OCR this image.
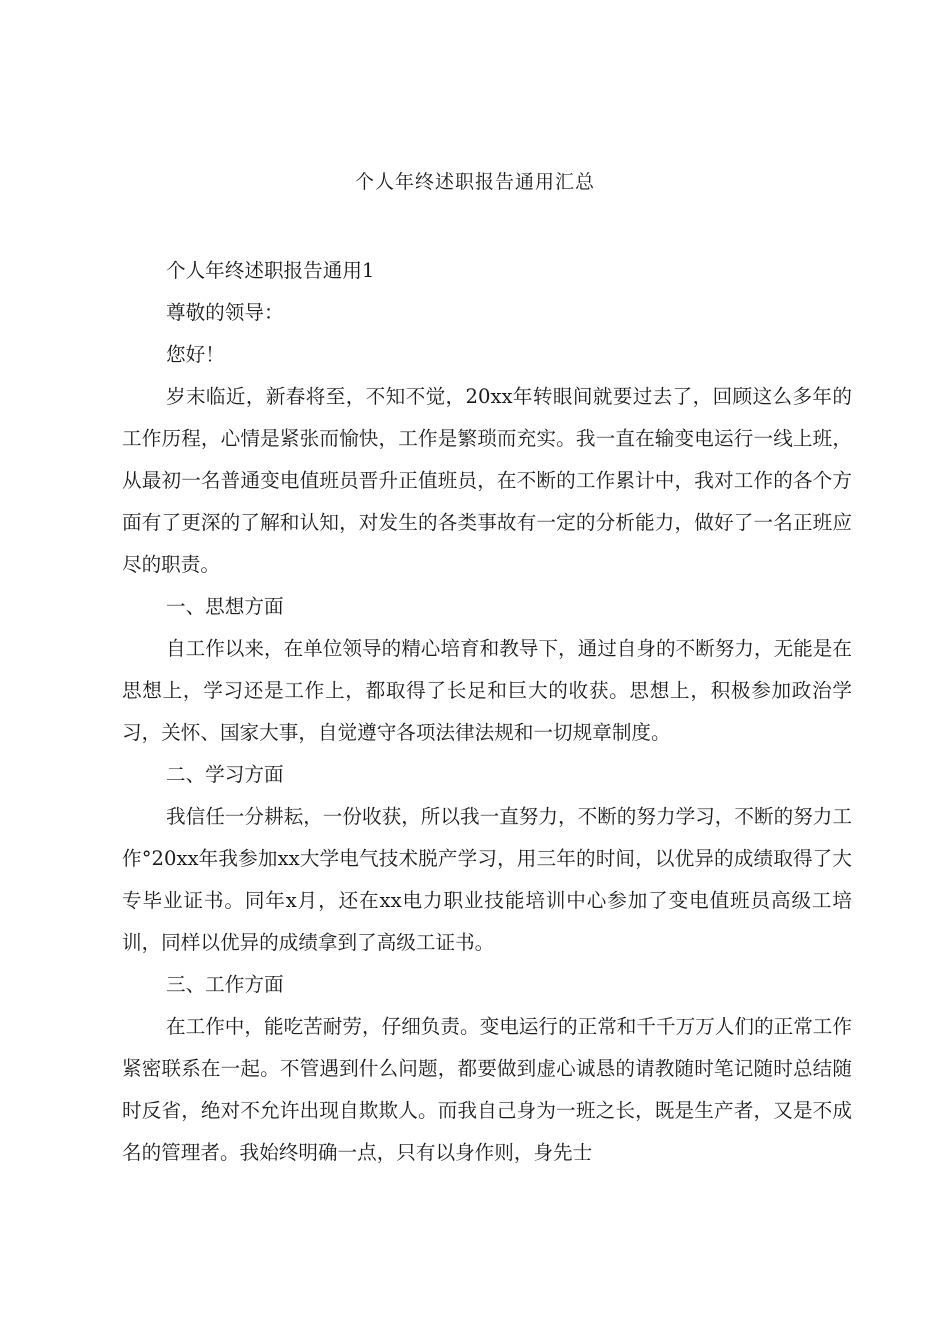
个人年终述职报告通用汇总

个人年终述职报告通用1

尊敬的领导：

您好！

岁末临近，新春将至，不知不觉，20xx年转眼间就要过去了，回顾这么多年的工作历程，心情是紧张而愉快，工作是繁琐而充实。我一直在输变电运行一线上班，从最初一名普通变电值班员晋升正值班员，在不断的工作累计中，我对工作的各个方面有了更深的了解和认知，对发生的各类事故有一定的分析能力，做好了一名正班应尽的职责。

一、思想方面

自工作以来，在单位领导的精心培育和教导下，通过自身的不断努力，无能是在思想上，学习还是工作上，都取得了长足和巨大的收获。思想上，积极参加政治学习，关怀、国家大事，自觉遵守各项法律法规和一切规章制度。

二、学习方面

我信任一分耕耘，一份收获，所以我一直努力，不断的努力学习，不断的努力工作°20xx年我参加xx大学电气技术脱产学习，用三年的时间，以优异的成绩取得了大专毕业证书。同年x月，还在xx电力职业技能培训中心参加了变电值班员高级工培训，同样以优异的成绩拿到了高级工证书。

三、工作方面

在工作中，能吃苦耐劳，仔细负责。变电运行的正常和千千万万人们的正常工作紧密联系在一起。不管遇到什么问题，都要做到虚心诚恳的请教随时笔记随时总结随时反省，绝对不允许出现自欺欺人。而我自己身为一班之长，既是生产者，又是不成名的管理者。我始终明确一点，只有以身作则，身先士
